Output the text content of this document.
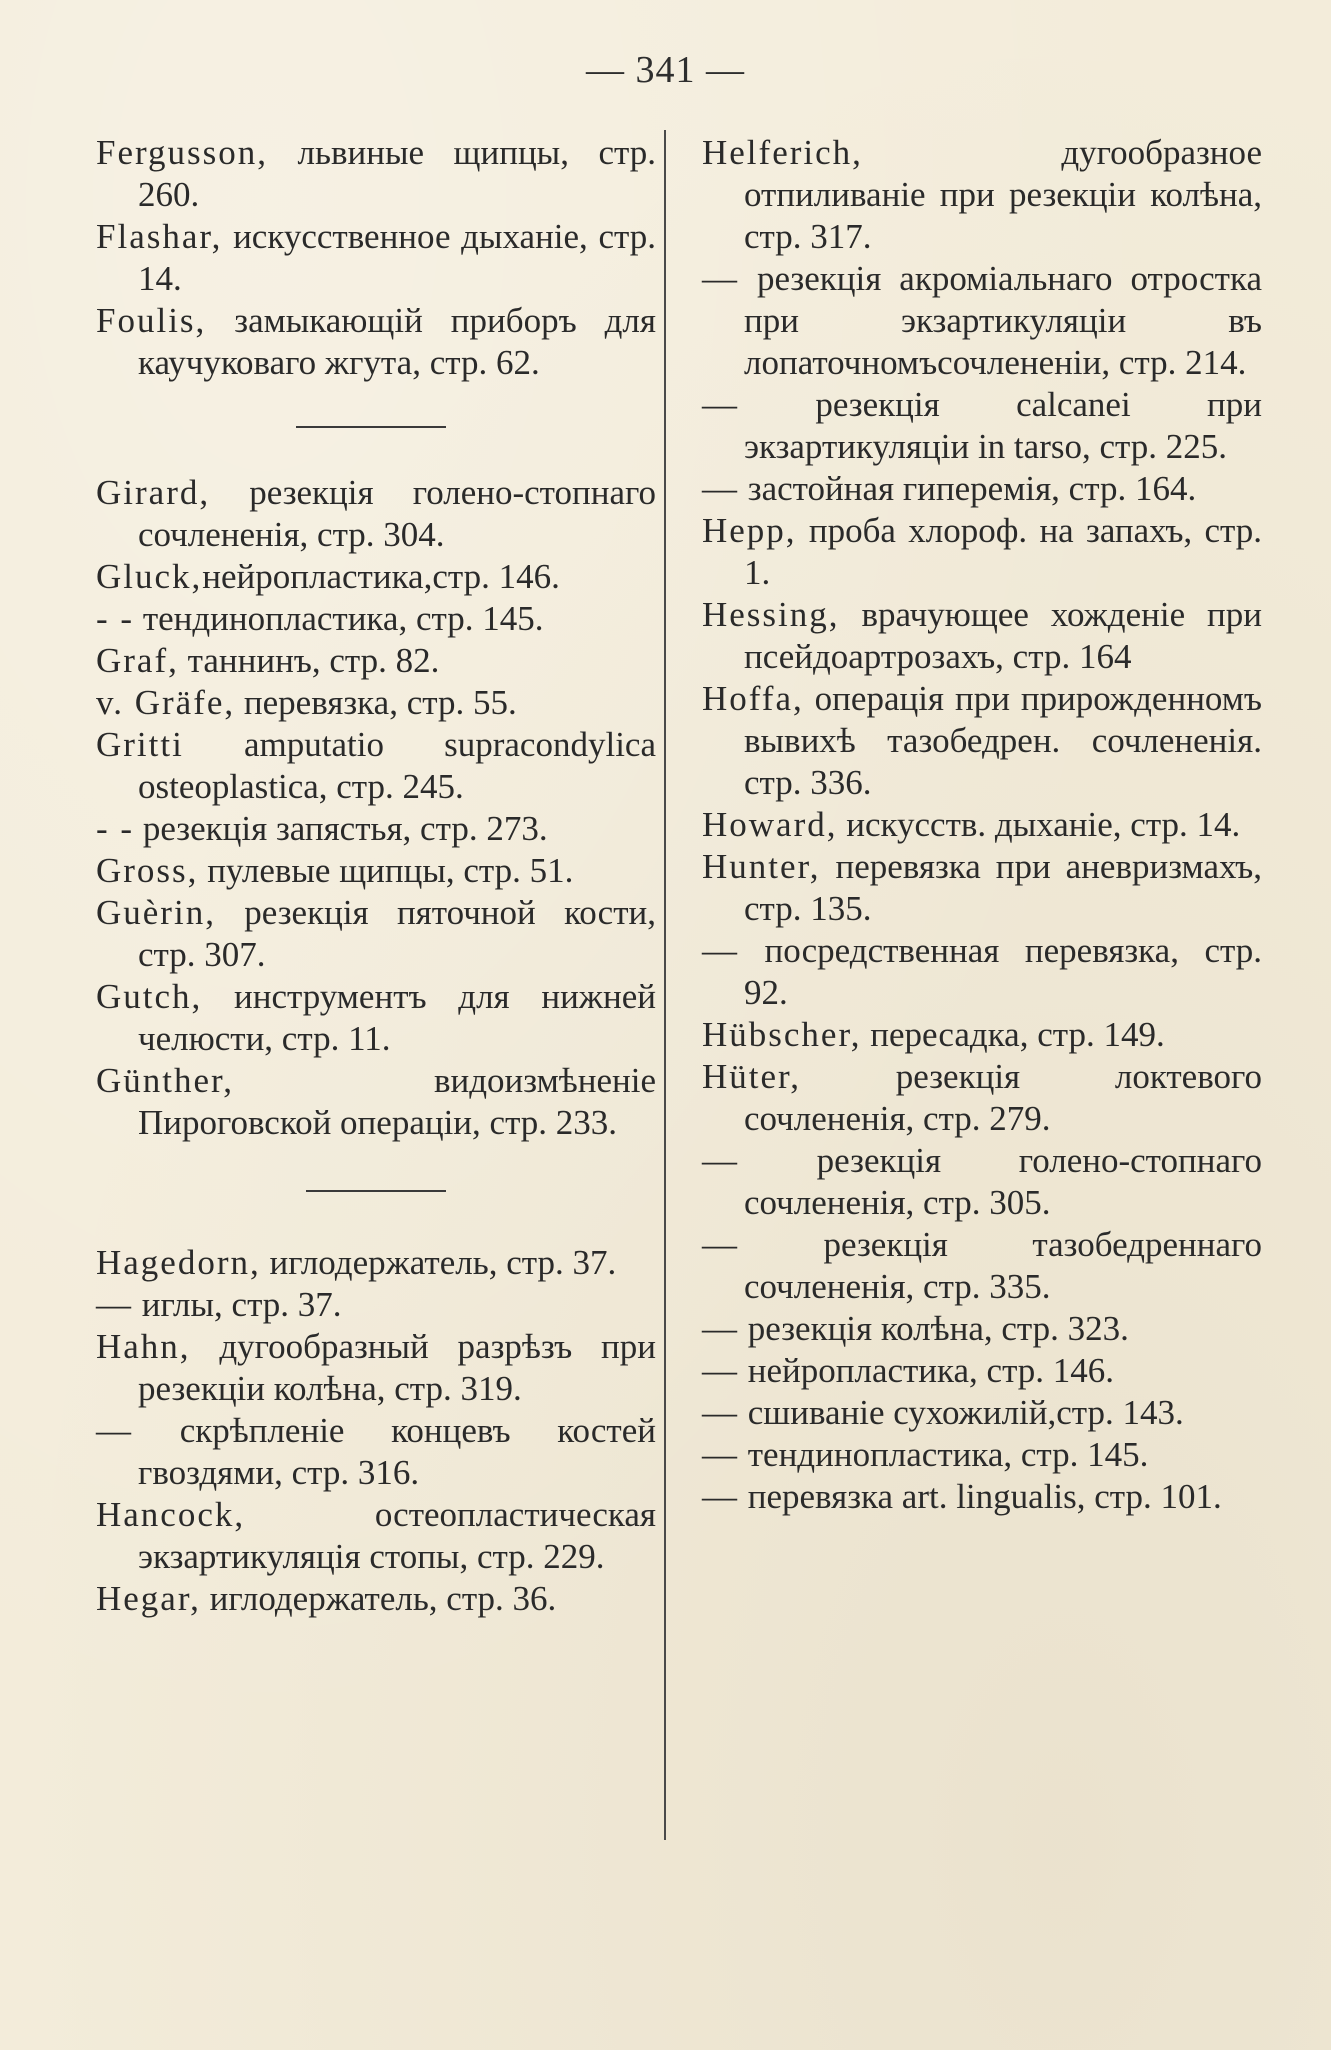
— 341 —

Fergusson, львиные щипцы, стр. 260.

Flashar, искусственное дыханіе, стр. 14.

Foulis, замыкающій приборъ для каучуковаго жгута, стр. 62.

Girard, резекція голено-стопнаго сочлененія, стр. 304.

Gluck,нейропластика,стр. 146.

- - тендинопластика, стр. 145.

Graf, таннинъ, стр. 82.

v. Gräfe, перевязка, стр. 55.

Gritti amputatio supracondylica osteoplastica, стр. 245.

- - резекція запястья, стр. 273.

Gross, пулевые щипцы, стр. 51.

Guèrin, резекція пяточной кости, стр. 307.

Gutch, инструментъ для нижней челюсти, стр. 11.

Günther, видоизмѣненіе Пироговской операціи, стр. 233.

Hagedorn, иглодержатель, стр. 37.

— иглы, стр. 37.

Hahn, дугообразный разрѣзъ при резекціи колѣна, стр. 319.

— скрѣпленіе концевъ костей гвоздями, стр. 316.

Hancock, остеопластическая экзартикуляція стопы, стр. 229.

Hegar, иглодержатель, стр. 36.

Helferich, дугообразное отпиливаніе при резекціи колѣна, стр. 317.

— резекція акроміальнаго отростка при экзартикуляціи въ лопаточномъсочлененіи, стр. 214.

— резекція calcanei при экзартикуляціи in tarso, стр. 225.

— застойная гиперемія, стр. 164.

Hepp, проба хлороф. на запахъ, стр. 1.

Hessing, врачующее хожденіе при псейдоартрозахъ, стр. 164

Hoffa, операція при прирожденномъ вывихѣ тазобедрен. сочлененія. стр. 336.

Howard, искусств. дыханіе, стр. 14.

Hunter, перевязка при аневризмахъ, стр. 135.

— посредственная перевязка, стр. 92.

Hübscher, пересадка, стр. 149.

Hüter, резекція локтевого сочлененія, стр. 279.

— резекція голено-стопнаго сочлененія, стр. 305.

— резекція тазобедреннаго сочлененія, стр. 335.

— резекція колѣна, стр. 323.

— нейропластика, стр. 146.

— сшиваніе сухожилій,стр. 143.

— тендинопластика, стр. 145.

— перевязка art. lingualis, стр. 101.
